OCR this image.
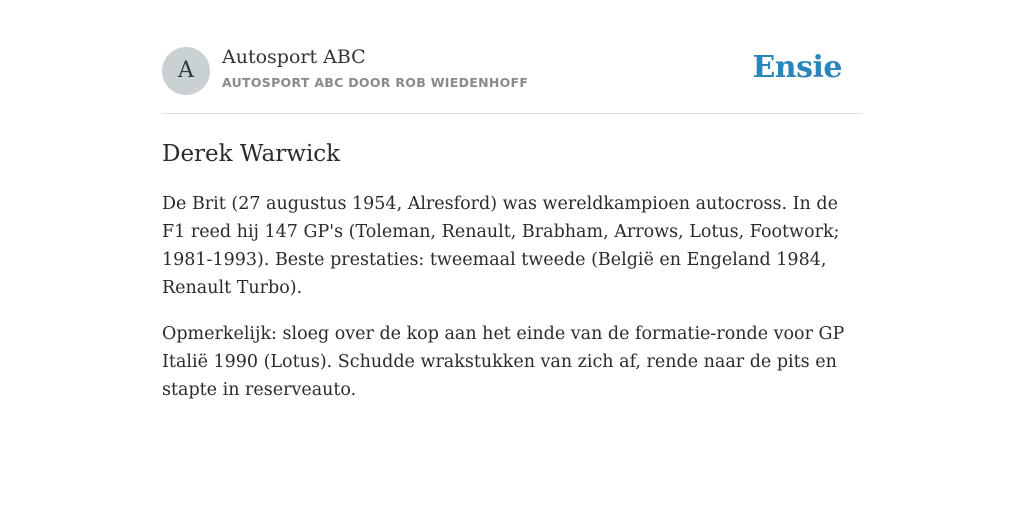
A
Autosport ABC
AUTOSPORT ABC DOOR ROB WIEDENHOFF	Ensie
Derek Warwick

De Brit (27 augustus 1954, Alresford) was wereldkampioen autocross. In de F1 reed hij 147 GP's (Toleman, Renault, Brabham, Arrows, Lotus, Footwork; 1981-1993). Beste prestaties: tweemaal tweede (België en Engeland 1984, Renault Turbo).

Opmerkelijk: sloeg over de kop aan het einde van de formatie-ronde voor GP Italië 1990 (Lotus). Schudde wrakstukken van zich af, rende naar de pits en stapte in reserveauto.
